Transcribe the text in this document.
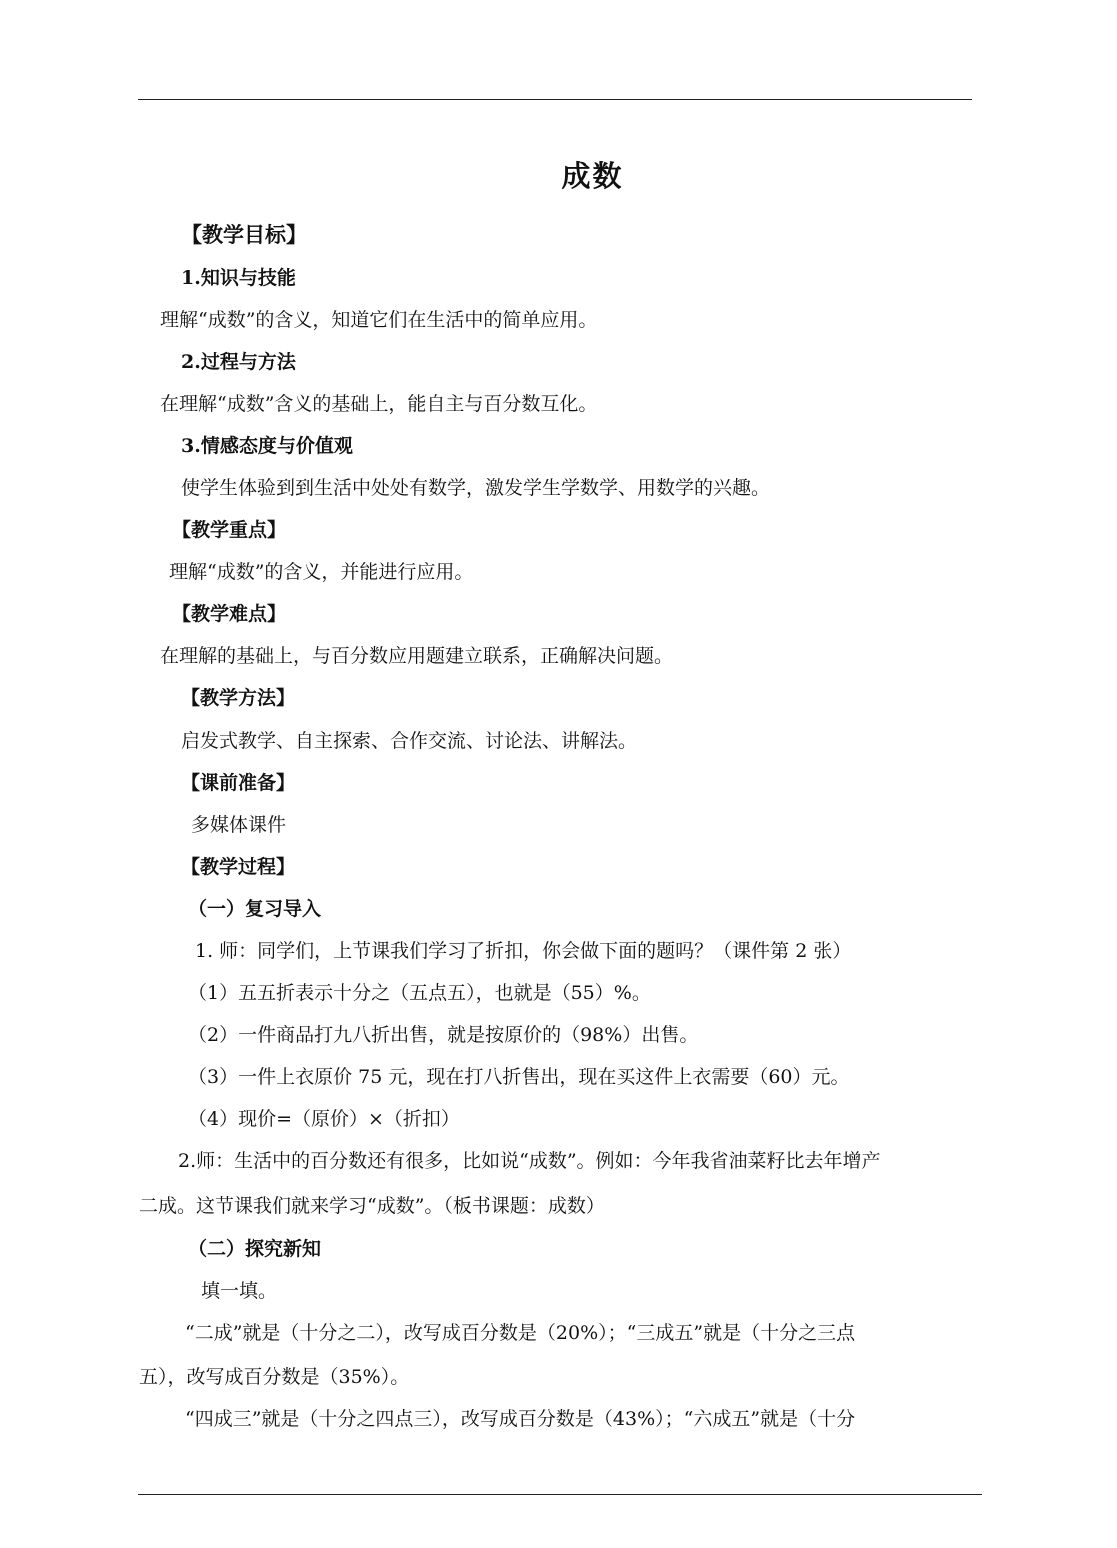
成数
【教学目标】
1.知识与技能
理解“成数”的含义，知道它们在生活中的简单应用。
2.过程与方法
在理解“成数”含义的基础上，能自主与百分数互化。
3.情感态度与价值观
使学生体验到到生活中处处有数学，激发学生学数学、用数学的兴趣。
【教学重点】
理解“成数”的含义，并能进行应用。
【教学难点】
在理解的基础上，与百分数应用题建立联系，正确解决问题。
【教学方法】
启发式教学、自主探索、合作交流、讨论法、讲解法。
【课前准备】
多媒体课件
【教学过程】
（一）复习导入
1. 师：同学们，上节课我们学习了折扣，你会做下面的题吗？（课件第 2 张）
（1）五五折表示十分之（五点五），也就是（55）%。
（2）一件商品打九八折出售，就是按原价的（98%）出售。
（3）一件上衣原价 75 元，现在打八折售出，现在买这件上衣需要（60）元。
（4）现价=（原价）×（折扣）
2.师：生活中的百分数还有很多，比如说“成数”。例如：今年我省油菜籽比去年增产
二成。这节课我们就来学习“成数”。（板书课题：成数）
（二）探究新知
填一填。
“二成”就是（十分之二），改写成百分数是（20%）；“三成五”就是（十分之三点
五），改写成百分数是（35%）。
“四成三”就是（十分之四点三），改写成百分数是（43%）；“六成五”就是（十分
